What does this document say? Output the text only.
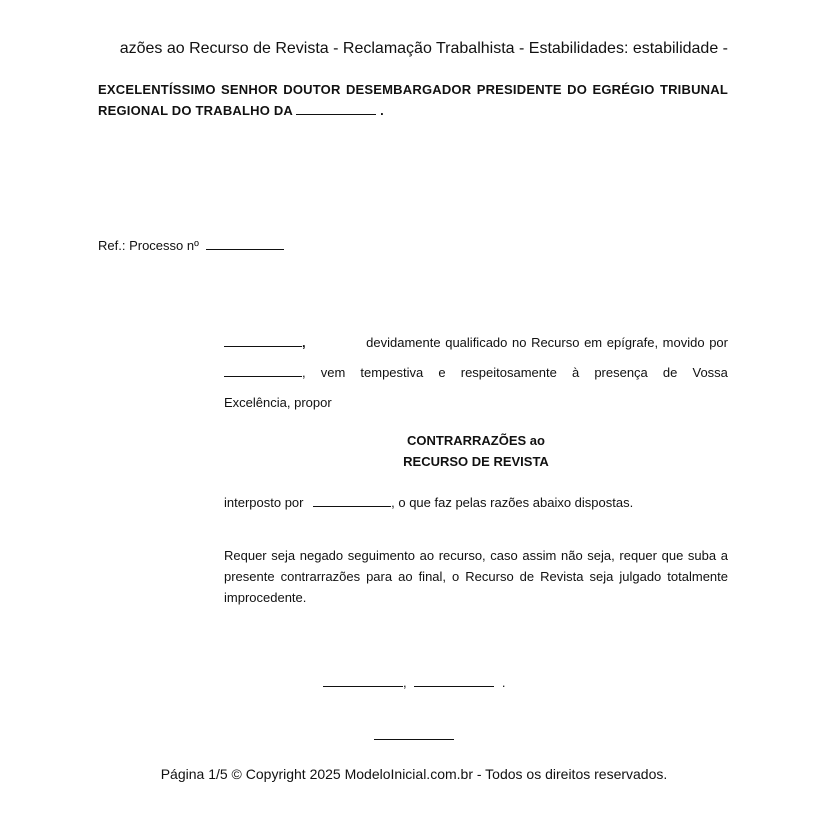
azões ao Recurso de Revista - Reclamação Trabalhista - Estabilidades: estabilidade -
EXCELENTÍSSIMO SENHOR DOUTOR DESEMBARGADOR PRESIDENTE DO EGRÉGIO TRIBUNAL REGIONAL DO TRABALHO DA	.
Ref.: Processo nº
,	devidamente qualificado no Recurso em epígrafe, movido por
, vem tempestiva e respeitosamente à presença de Vossa
Excelência, propor
CONTRARRAZÕES ao
RECURSO DE REVISTA
interposto por	, o que faz pelas razões abaixo dispostas.
Requer seja negado seguimento ao recurso, caso assim não seja, requer que suba a presente contrarrazões para ao final, o Recurso de Revista seja julgado totalmente improcedente.
,	.
Página 1/5 © Copyright 2025 ModeloInicial.com.br - Todos os direitos reservados.
